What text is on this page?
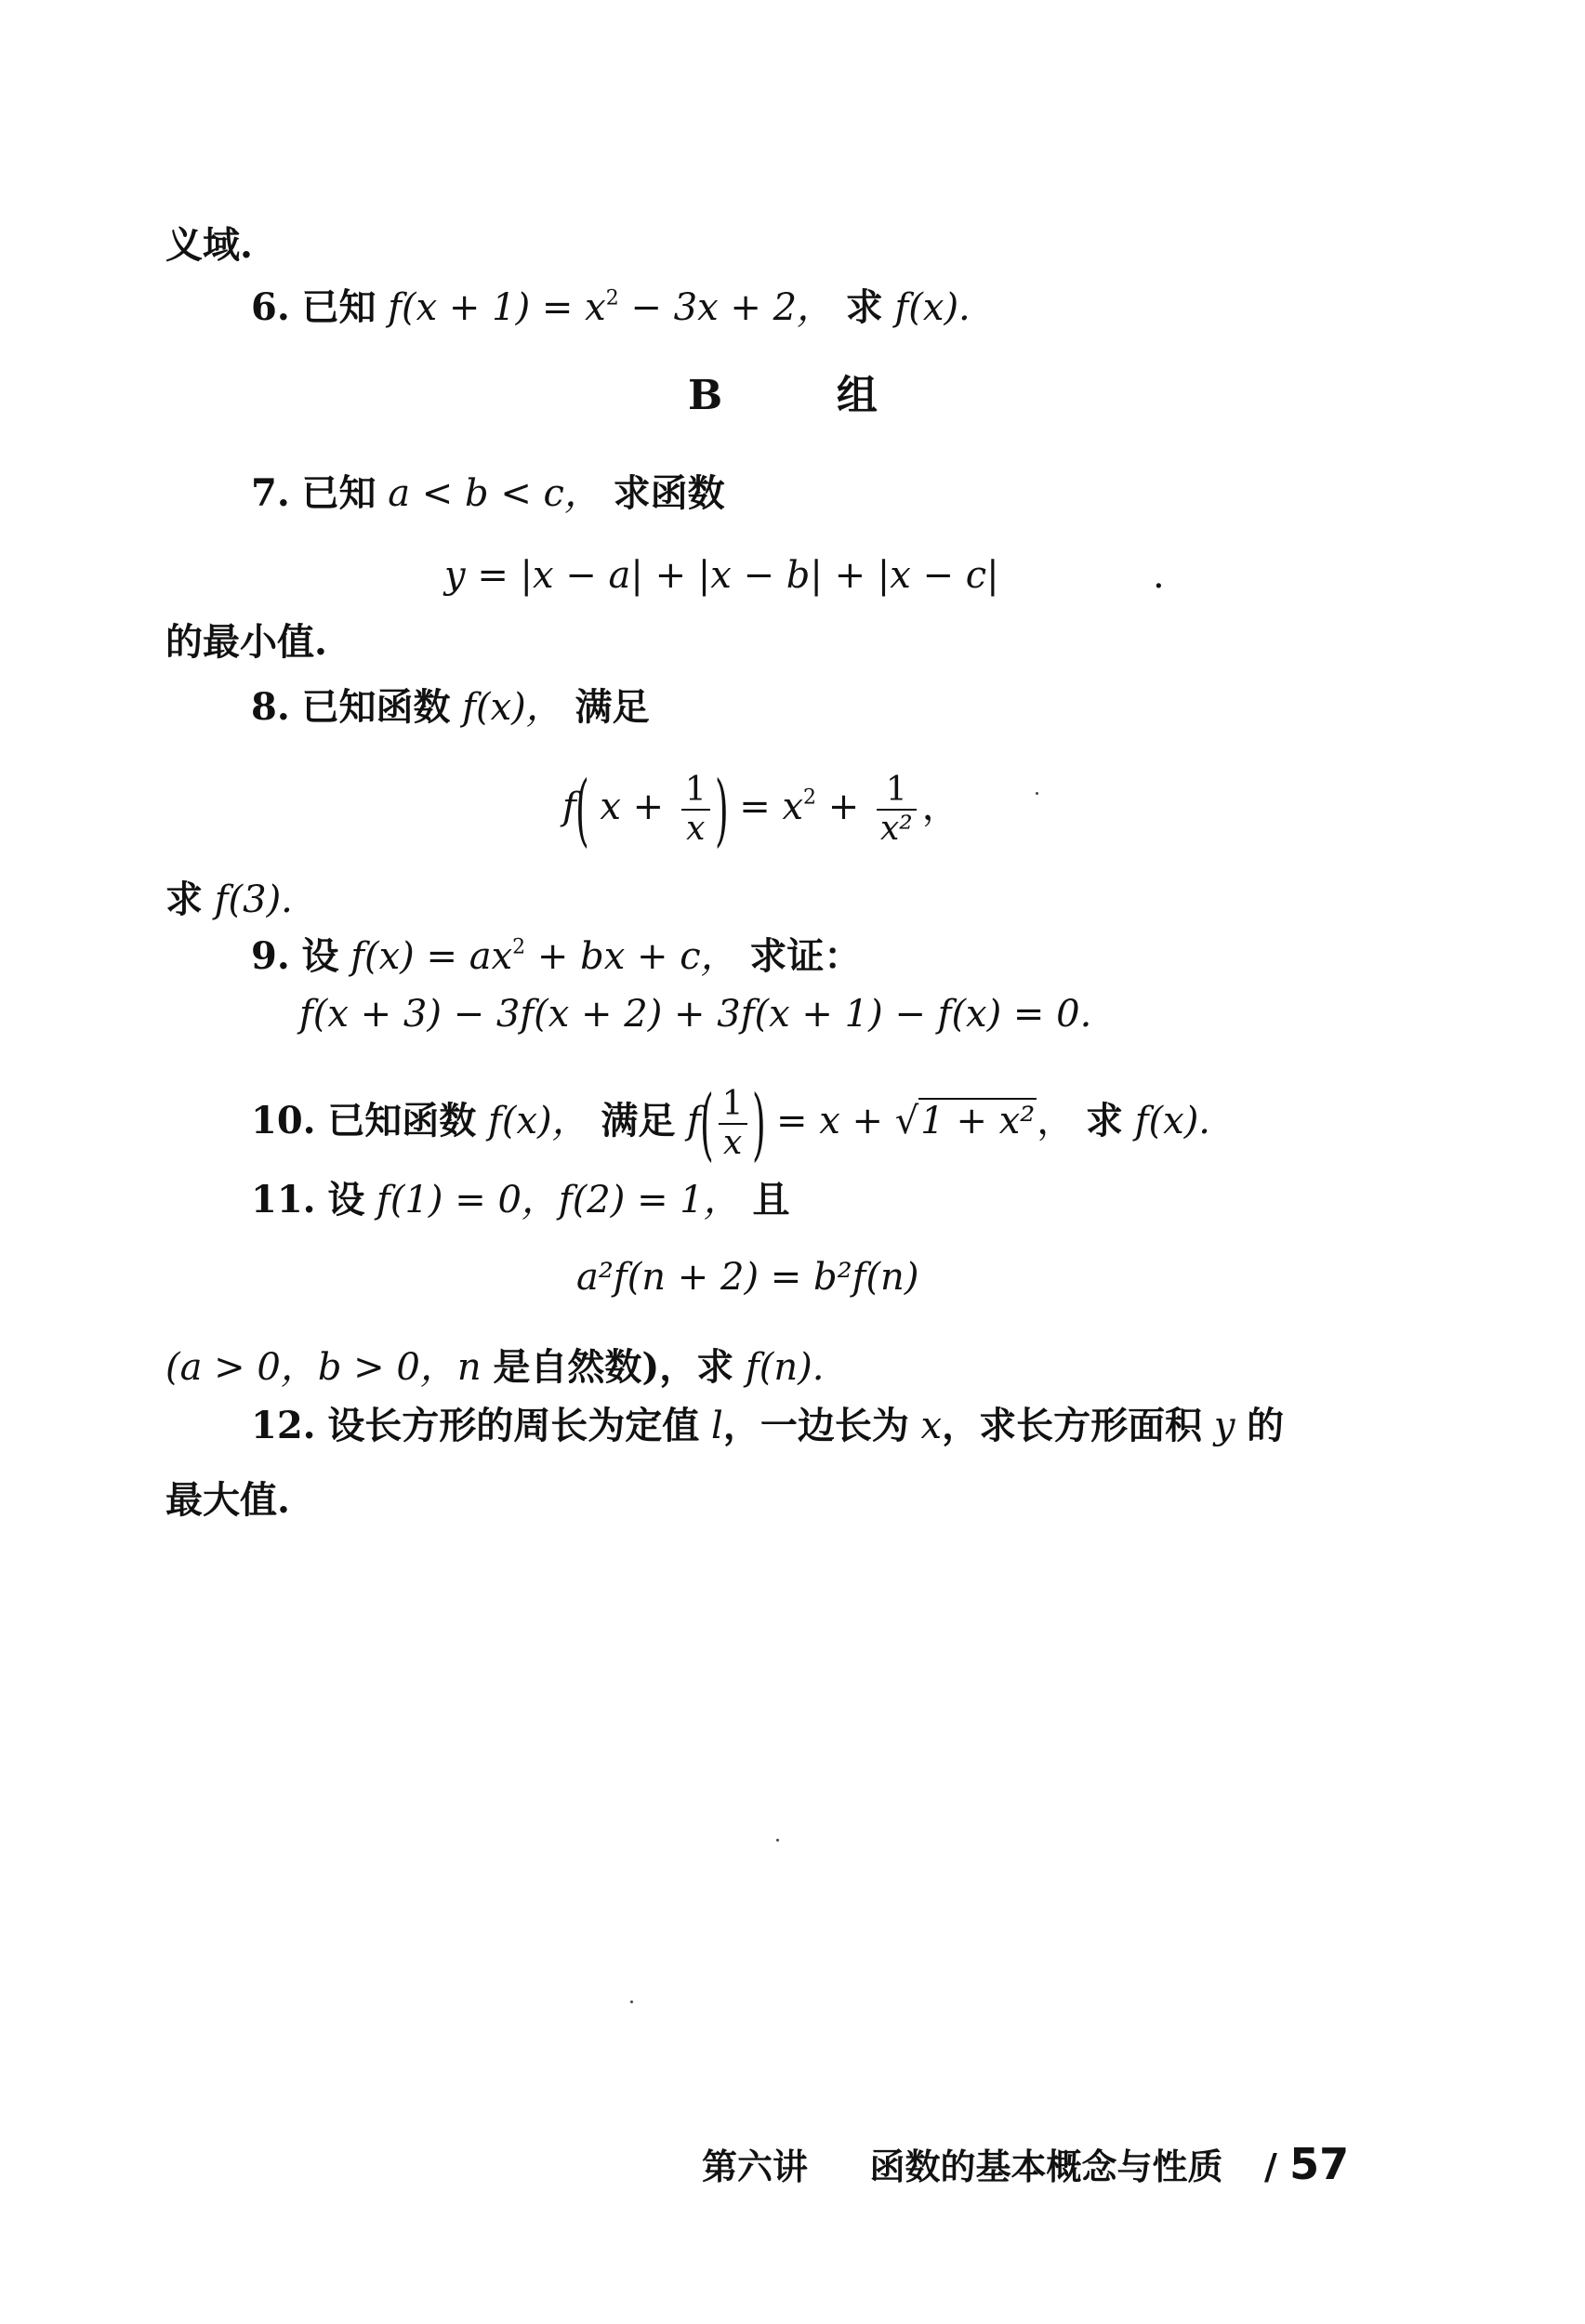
义域.
6. 已知 $f(x + 1) = x^2 - 3x + 2$， 求 f(x).
B	组
7. 已知 a < b < c， 求函数
y = |x − a| + |x − b| + |x − c|	.
的最小值.
8. 已知函数 f(x)， 满足
f( $x + \frac{1}{x}$ ) = $x^2 + \frac{1}{\text{x²}}$ ，
求 f(3).
9. 设 $f(x) = ax^2$ + bx + c， 求证：
f(x + 3) − 3f(x + 2) + 3f(x + 1) − f(x) = 0.
10. 已知函数 f(x)， 满足 $f( \frac{1}{x}$ ) = x + √1 + x²， 求 f(x).
11. 设 f(1) = 0，f(2) = 1， 且
a²f(n + 2) = b²f(n)
(a > 0，b > 0，n 是自然数)，求 f(n).
12. 设长方形的周长为定值 l，一边长为 x，求长方形面积 y 的
最大值.
第六讲 函数的基本概念与性质 / 57
